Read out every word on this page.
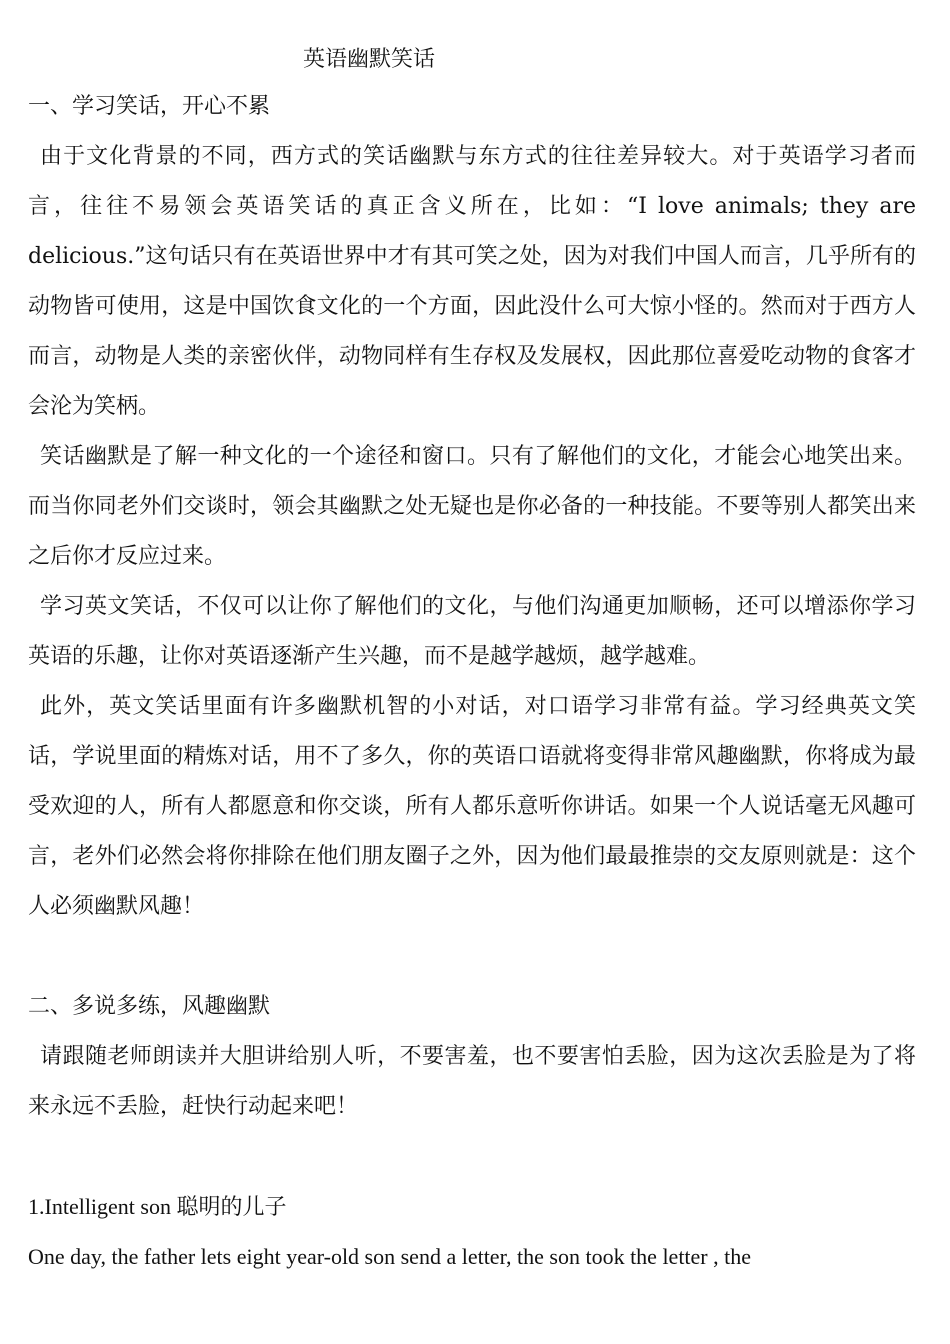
英语幽默笑话
一、学习笑话，开心不累

由于文化背景的不同，西方式的笑话幽默与东方式的往往差异较大。对于英语学习者而言，往往不易领会英语笑话的真正含义所在，比如：“I love animals; they are delicious.”这句话只有在英语世界中才有其可笑之处，因为对我们中国人而言，几乎所有的动物皆可使用，这是中国饮食文化的一个方面，因此没什么可大惊小怪的。然而对于西方人而言，动物是人类的亲密伙伴，动物同样有生存权及发展权，因此那位喜爱吃动物的食客才会沦为笑柄。

笑话幽默是了解一种文化的一个途径和窗口。只有了解他们的文化，才能会心地笑出来。而当你同老外们交谈时，领会其幽默之处无疑也是你必备的一种技能。不要等别人都笑出来之后你才反应过来。

学习英文笑话，不仅可以让你了解他们的文化，与他们沟通更加顺畅，还可以增添你学习英语的乐趣，让你对英语逐渐产生兴趣，而不是越学越烦，越学越难。

此外，英文笑话里面有许多幽默机智的小对话，对口语学习非常有益。学习经典英文笑话，学说里面的精炼对话，用不了多久，你的英语口语就将变得非常风趣幽默，你将成为最受欢迎的人，所有人都愿意和你交谈，所有人都乐意听你讲话。如果一个人说话毫无风趣可言，老外们必然会将你排除在他们朋友圈子之外，因为他们最最推崇的交友原则就是：这个人必须幽默风趣！

二、多说多练，风趣幽默

请跟随老师朗读并大胆讲给别人听，不要害羞，也不要害怕丢脸，因为这次丢脸是为了将来永远不丢脸，赶快行动起来吧！

1.Intelligent son 聪明的儿子

One day, the father lets eight year-old son send a letter, the son took the letter , the
